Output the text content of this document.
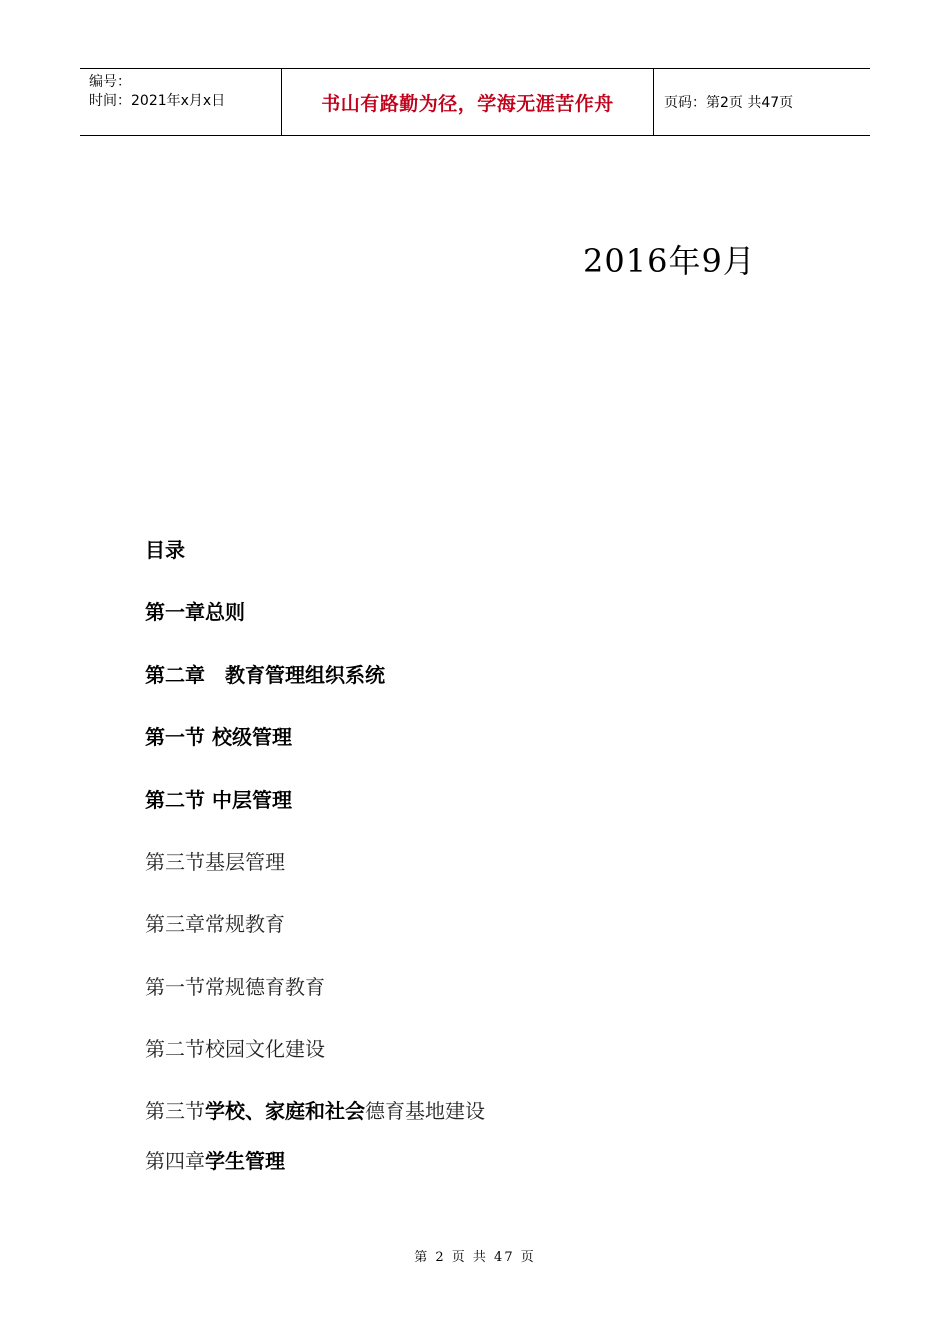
编号：
时间：2021年x月x日	书山有路勤为径，学海无涯苦作舟	页码：第2页 共47页
2016年9月
目录
第一章总则
第二章　教育管理组织系统
第一节 校级管理
第二节 中层管理
第三节基层管理
第三章常规教育
第一节常规德育教育
第二节校园文化建设
第三节学校、家庭和社会德育基地建设
第四章学生管理
第 2 页 共 47 页
